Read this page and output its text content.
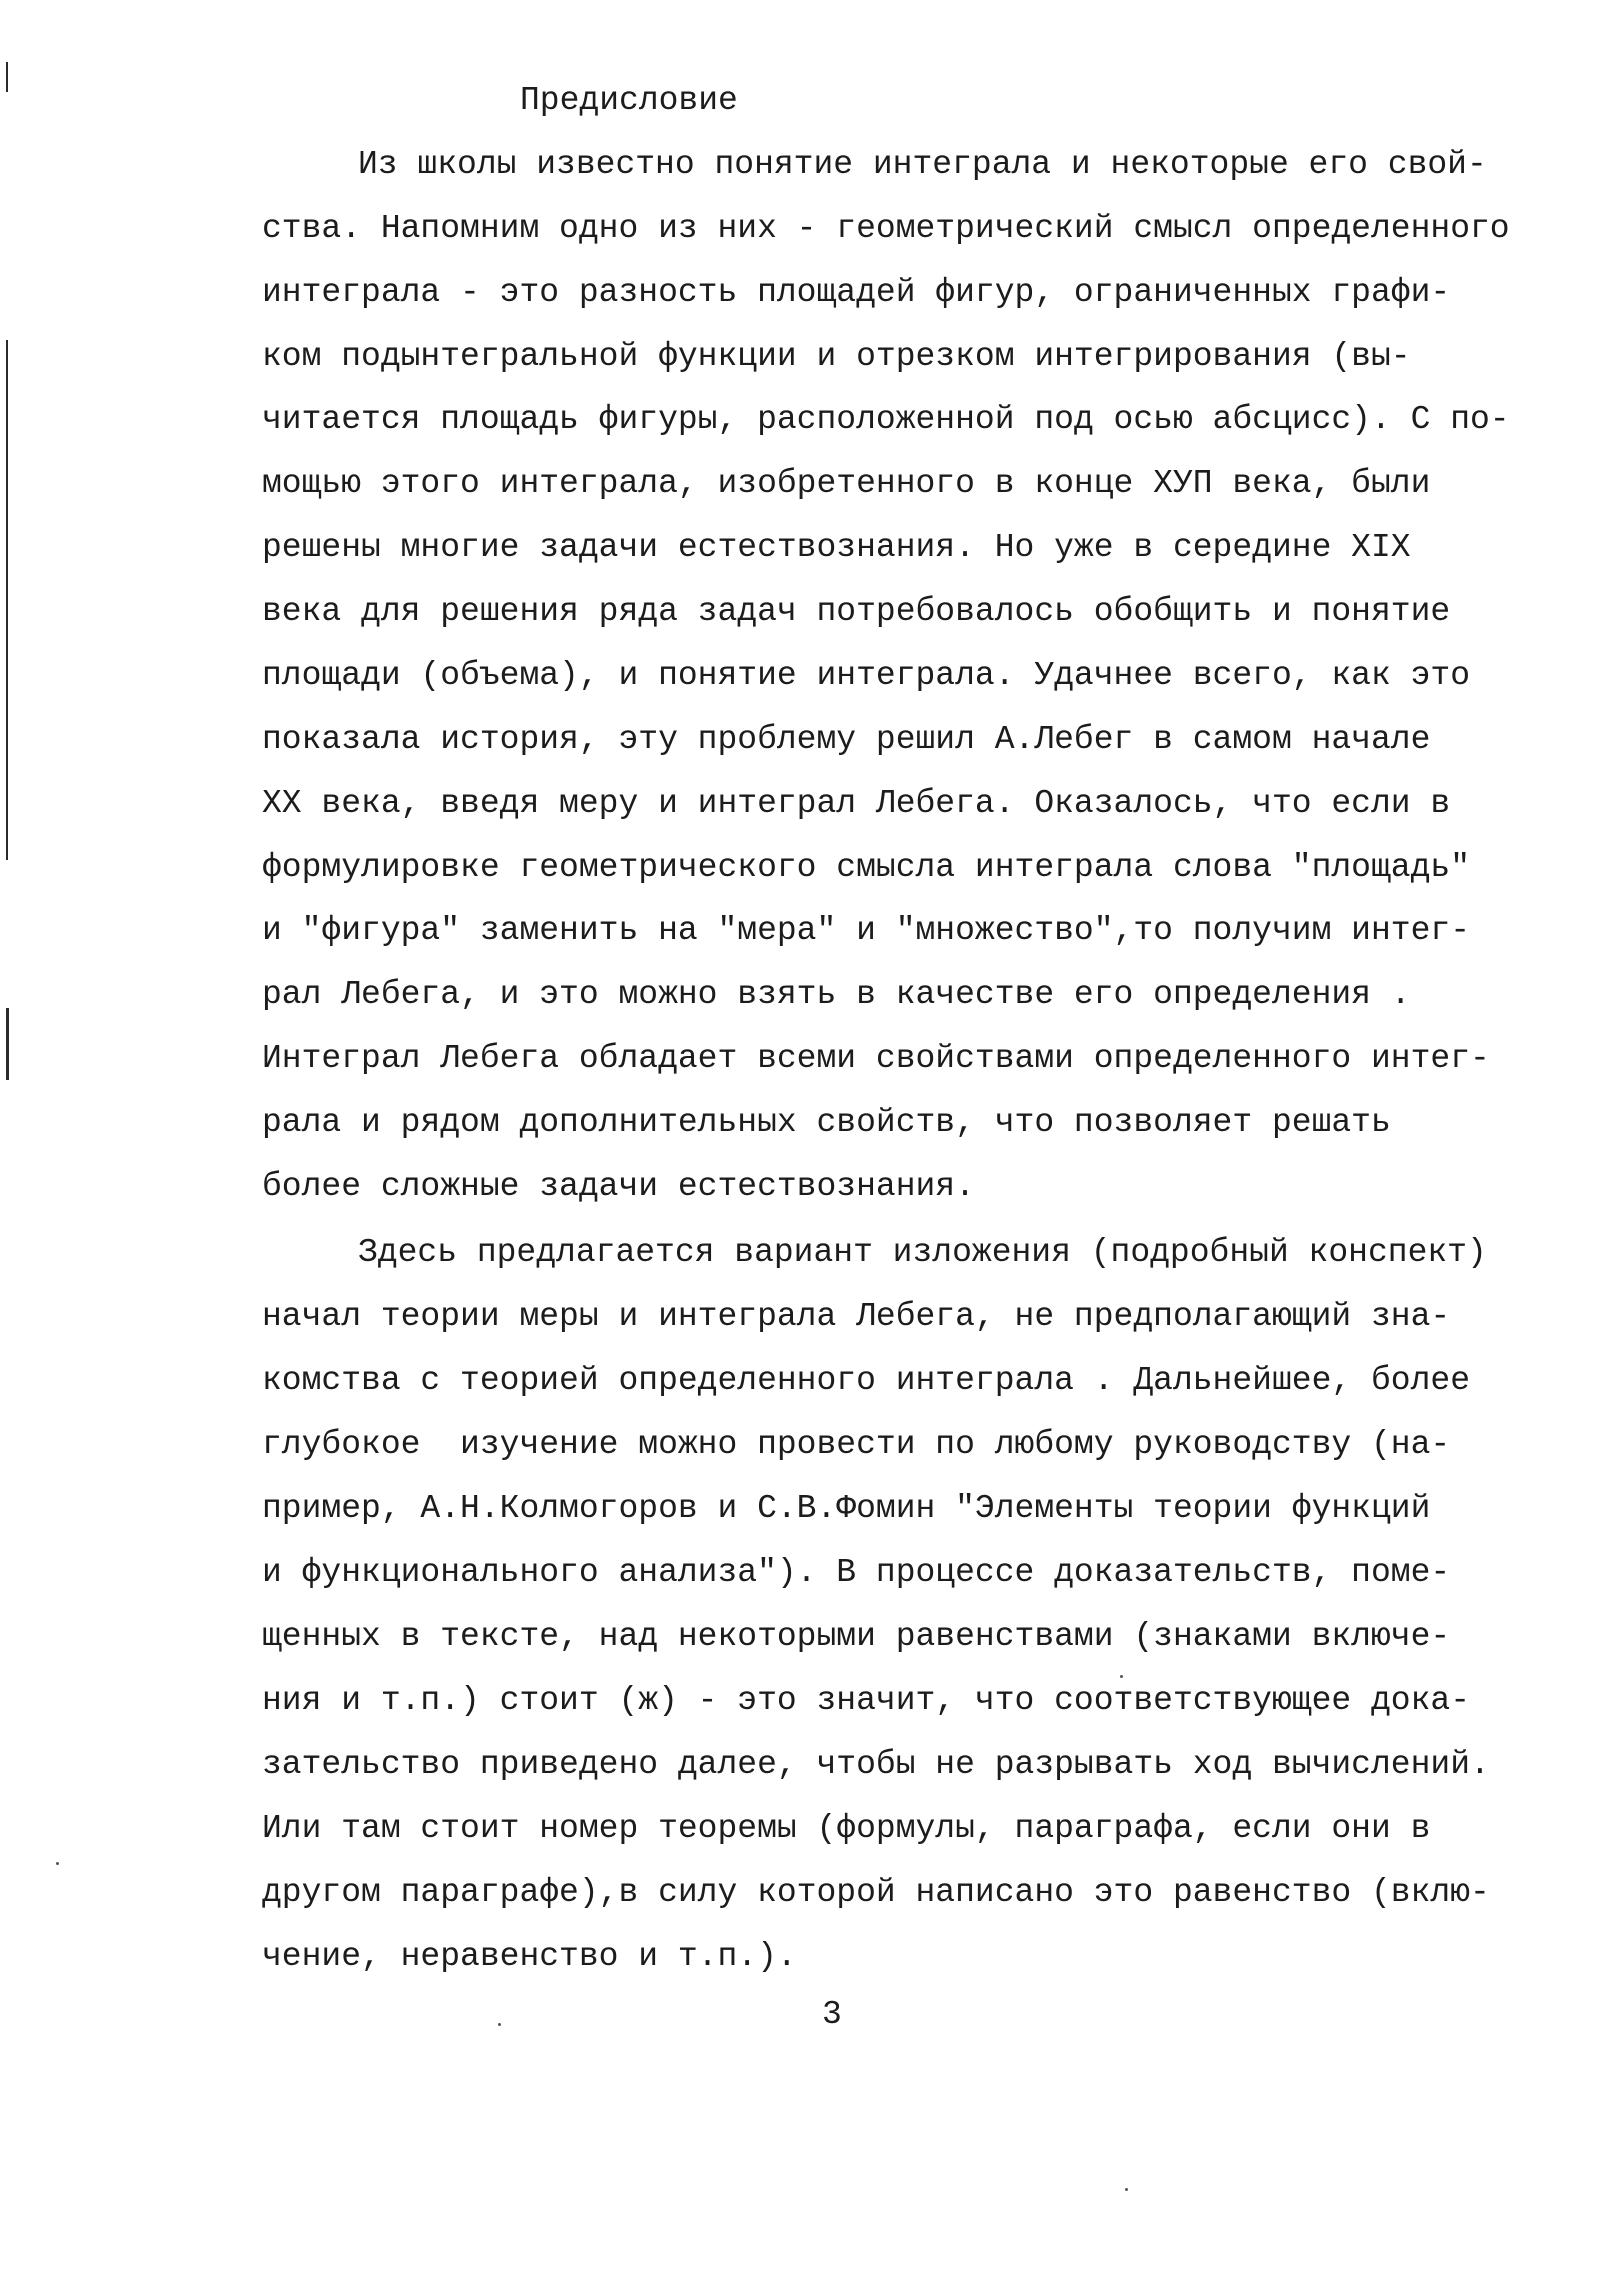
Предисловие
Из школы известно понятие интеграла и некоторые его свой-
ства. Напомним одно из них - геометрический смысл определенного
интеграла - это разность площадей фигур, ограниченных графи-
ком подынтегральной функции и отрезком интегрирования (вы-
читается площадь фигуры, расположенной под осью абсцисс). С по-
мощью этого интеграла, изобретенного в конце ХУП века, были
решены многие задачи естествознания. Но уже в середине XIX
века для решения ряда задач потребовалось обобщить и понятие
площади (объема), и понятие интеграла. Удачнее всего, как это
показала история, эту проблему решил А.Лебег в самом начале
XX века, введя меру и интеграл Лебега. Оказалось, что если в
формулировке геометрического смысла интеграла слова "площадь"
и "фигура" заменить на "мера" и "множество",то получим интег-
рал Лебега, и это можно взять в качестве его определения .
Интеграл Лебега обладает всеми свойствами определенного интег-
рала и рядом дополнительных свойств, что позволяет решать
более сложные задачи естествознания.
Здесь предлагается вариант изложения (подробный конспект)
начал теории меры и интеграла Лебега, не предполагающий зна-
комства с теорией определенного интеграла . Дальнейшее, более
глубокое  изучение можно провести по любому руководству (на-
пример, А.Н.Колмогоров и С.В.Фомин "Элементы теории функций
и функционального анализа"). В процессе доказательств, поме-
щенных в тексте, над некоторыми равенствами (знаками включе-
ния и т.п.) стоит (ж) - это значит, что соответствующее дока-
зательство приведено далее, чтобы не разрывать ход вычислений.
Или там стоит номер теоремы (формулы, параграфа, если они в
другом параграфе),в силу которой написано это равенство (вклю-
чение, неравенство и т.п.).
3
